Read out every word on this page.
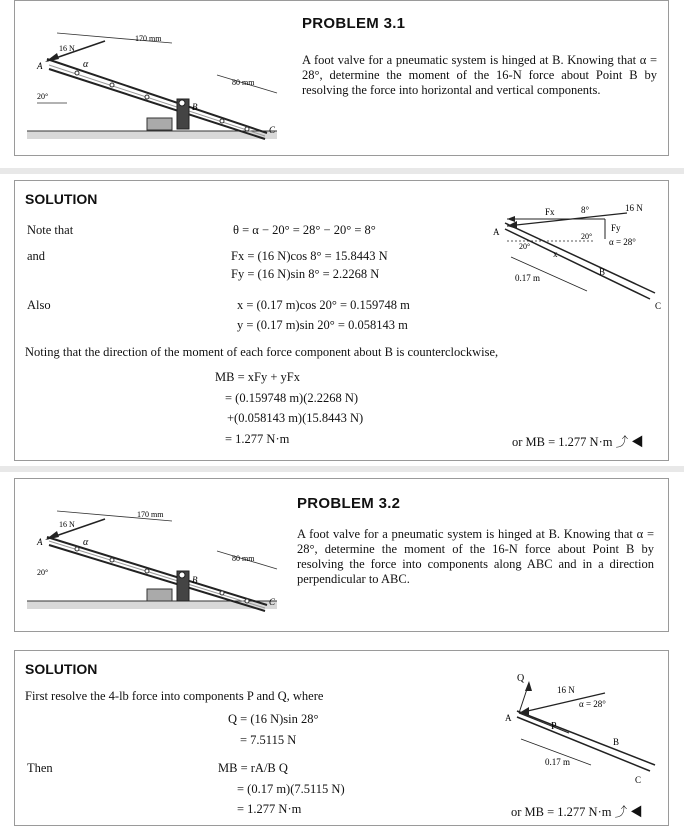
16 N
170 mm
80 mm
20°
α
A
B
C
PROBLEM 3.1
A foot valve for a pneumatic system is hinged at B. Knowing that α = 28°, determine the moment of the 16-N force about Point B by resolving the force into horizontal and vertical components.
SOLUTION
Note that	θ = α − 20° = 28° − 20° = 8°
and	Fx = (16 N)cos 8° = 15.8443 N
Fy = (16 N)sin 8° = 2.2268 N
Also	x = (0.17 m)cos 20° = 0.159748 m
y = (0.17 m)sin 20° = 0.058143 m
Noting that the direction of the moment of each force component about B is counterclockwise,
MB = xFy + yFx
= (0.159748 m)(2.2268 N)
+(0.058143 m)(15.8443 N)
= 1.277 N·m	or MB = 1.277 N·m ⤴ ◀
Fx	8°	16 N
Fy
20°
α = 28°
20°
x
0.17 m
A
B
C
16 N
170 mm
80 mm
20°
α
A
B
C
PROBLEM 3.2
A foot valve for a pneumatic system is hinged at B. Knowing that α = 28°, determine the moment of the 16-N force about Point B by resolving the force into components along ABC and in a direction perpendicular to ABC.
SOLUTION
First resolve the 4-lb force into components P and Q, where
Q = (16 N)sin 28°
= 7.5115 N
Then	MB = rA/B Q
= (0.17 m)(7.5115 N)
= 1.277 N·m	or MB = 1.277 N·m ⤴ ◀
Q
16 N
α = 28°
P
0.17 m
A
B
C
